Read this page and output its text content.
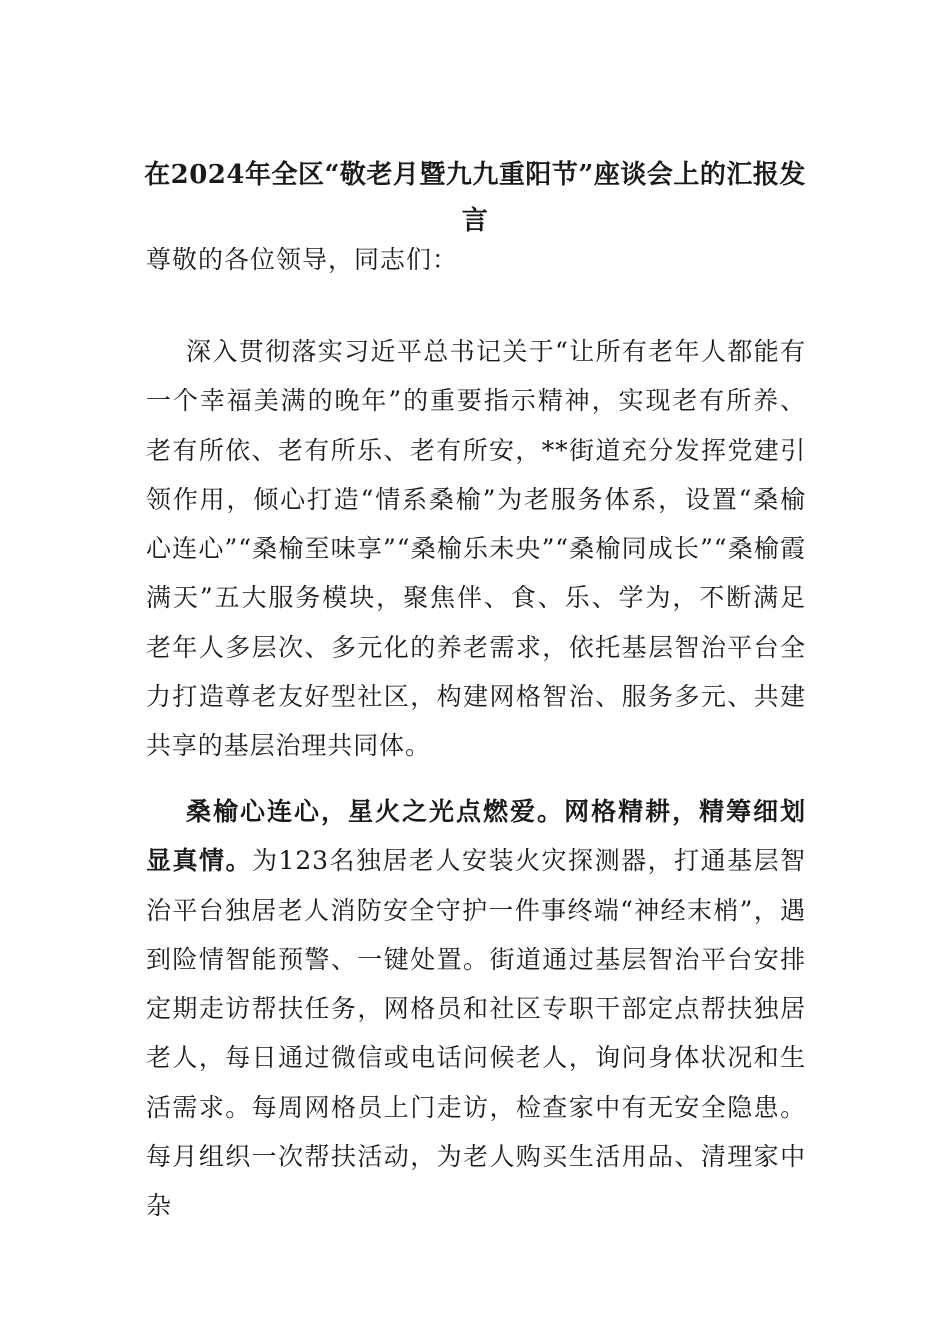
在2024年全区“敬老月暨九九重阳节”座谈会上的汇报发言

尊敬的各位领导，同志们：

深入贯彻落实习近平总书记关于“让所有老年人都能有一个幸福美满的晚年”的重要指示精神，实现老有所养、老有所依、老有所乐、老有所安，**街道充分发挥党建引领作用，倾心打造“情系桑榆”为老服务体系，设置“桑榆心连心”“桑榆至味享”“桑榆乐未央”“桑榆同成长”“桑榆霞满天”五大服务模块，聚焦伴、食、乐、学为，不断满足老年人多层次、多元化的养老需求，依托基层智治平台全力打造尊老友好型社区，构建网格智治、服务多元、共建共享的基层治理共同体。

桑榆心连心，星火之光点燃爱。网格精耕，精筹细划显真情。为123名独居老人安装火灾探测器，打通基层智治平台独居老人消防安全守护一件事终端“神经末梢”，遇到险情智能预警、一键处置。街道通过基层智治平台安排定期走访帮扶任务，网格员和社区专职干部定点帮扶独居老人，每日通过微信或电话问候老人，询问身体状况和生活需求。每周网格员上门走访，检查家中有无安全隐患。每月组织一次帮扶活动，为老人购买生活用品、清理家中杂
